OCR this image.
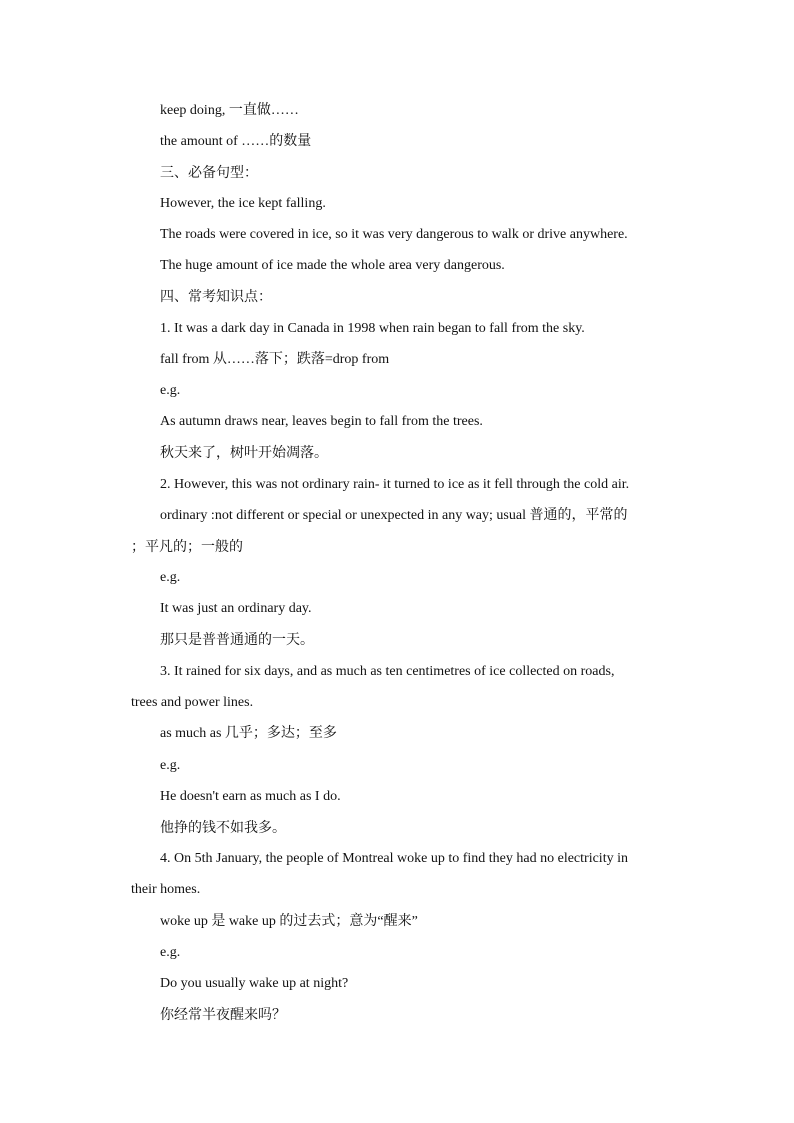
keep doing, 一直做……
the amount of ……的数量
三、必备句型：
However, the ice kept falling.
The roads were covered in ice, so it was very dangerous to walk or drive anywhere.
The huge amount of ice made the whole area very dangerous.
四、常考知识点：
1. It was a dark day in Canada in 1998 when rain began to fall from the sky.
fall from 从……落下；跌落=drop from
e.g.
As autumn draws near, leaves begin to fall from the trees.
秋天来了，树叶开始凋落。
2. However, this was not ordinary rain- it turned to ice as it fell through the cold air.
ordinary :not different or special or unexpected in any way; usual 普通的，平常的
；平凡的；一般的
e.g.
It was just an ordinary day.
那只是普普通通的一天。
3. It rained for six days, and as much as ten centimetres of ice collected on roads,
trees and power lines.
as much as 几乎；多达；至多
e.g.
He doesn't earn as much as I do.
他挣的钱不如我多。
4. On 5th January, the people of Montreal woke up to find they had no electricity in
their homes.
woke up 是 wake up 的过去式；意为“醒来”
e.g.
Do you usually wake up at night?
你经常半夜醒来吗？
